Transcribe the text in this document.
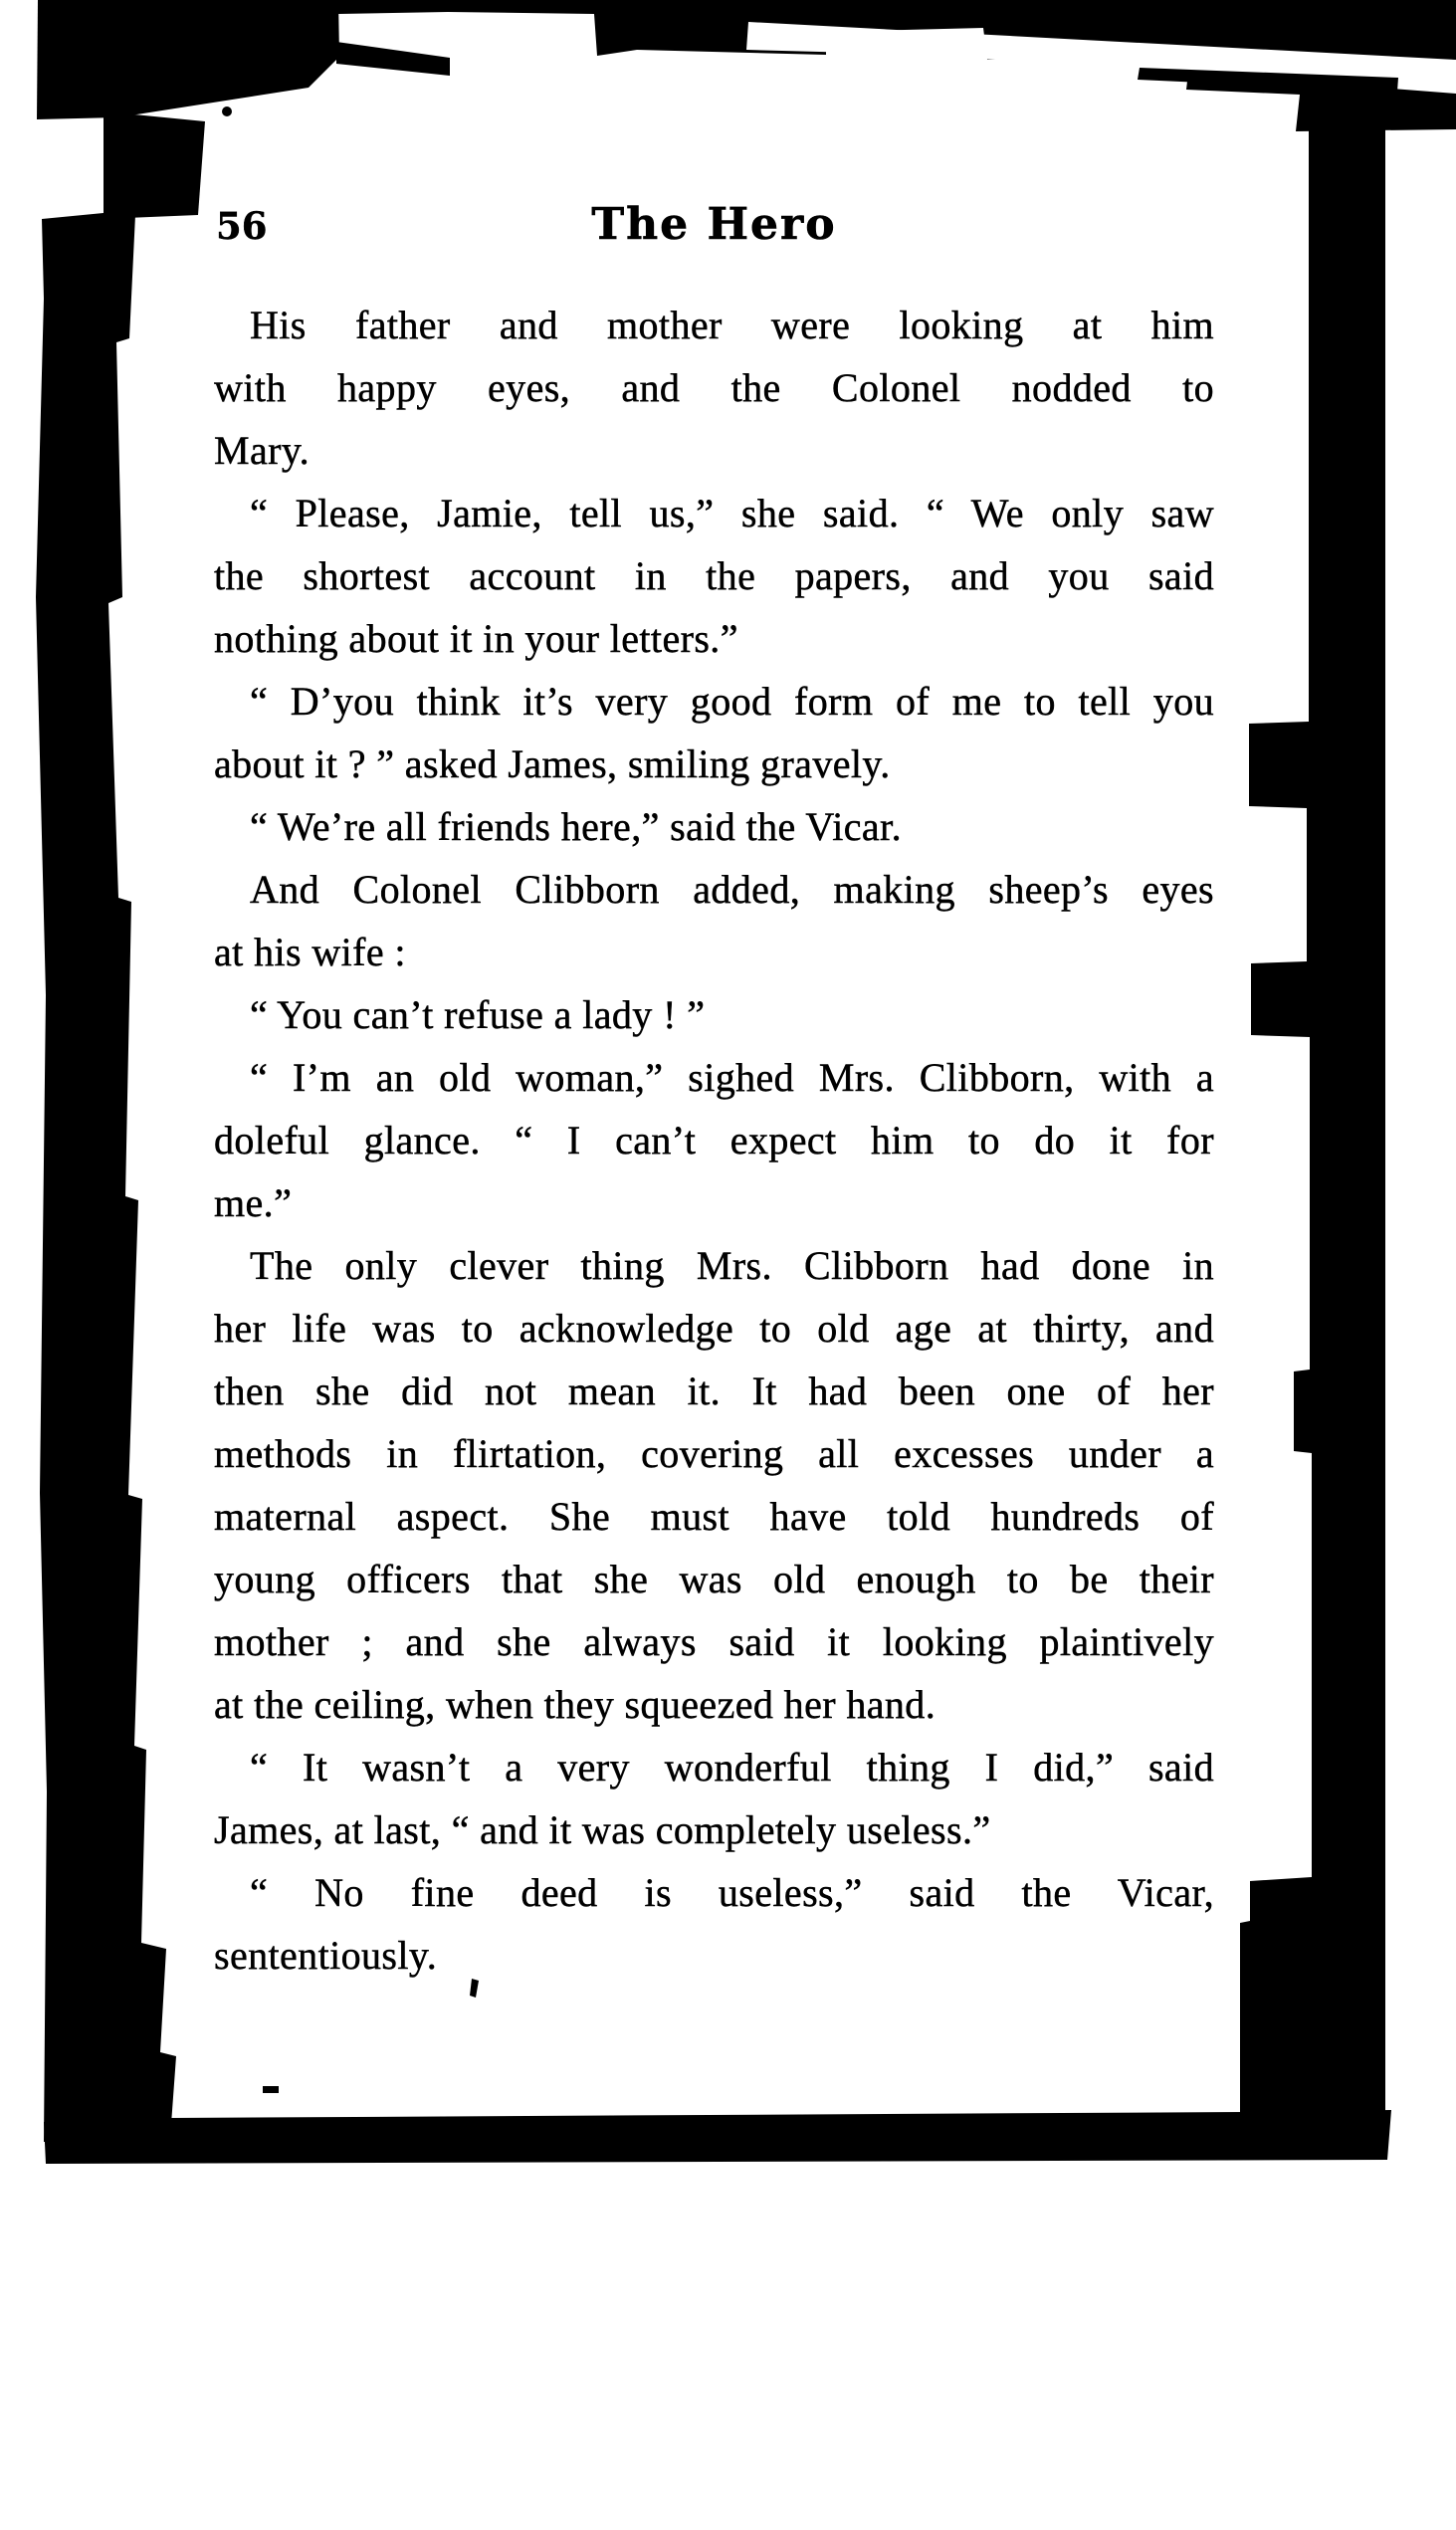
56	The Hero
His father and mother were looking at him
with happy eyes, and the Colonel nodded to
Mary.
“ Please, Jamie, tell us,” she said. “ We only saw
the shortest account in the papers, and you said
nothing about it in your letters.”
“ D’you think it’s very good form of me to tell you
about it ? ” asked James, smiling gravely.
“ We’re all friends here,” said the Vicar.
And Colonel Clibborn added, making sheep’s eyes
at his wife :
“ You can’t refuse a lady ! ”
“ I’m an old woman,” sighed Mrs. Clibborn, with a
doleful glance. “ I can’t expect him to do it for
me.”
The only clever thing Mrs. Clibborn had done in
her life was to acknowledge to old age at thirty, and
then she did not mean it. It had been one of her
methods in flirtation, covering all excesses under a
maternal aspect. She must have told hundreds of
young officers that she was old enough to be their
mother ; and she always said it looking plaintively
at the ceiling, when they squeezed her hand.
“ It wasn’t a very wonderful thing I did,” said
James, at last, “ and it was completely useless.”
“ No fine deed is useless,” said the Vicar,
sententiously.
